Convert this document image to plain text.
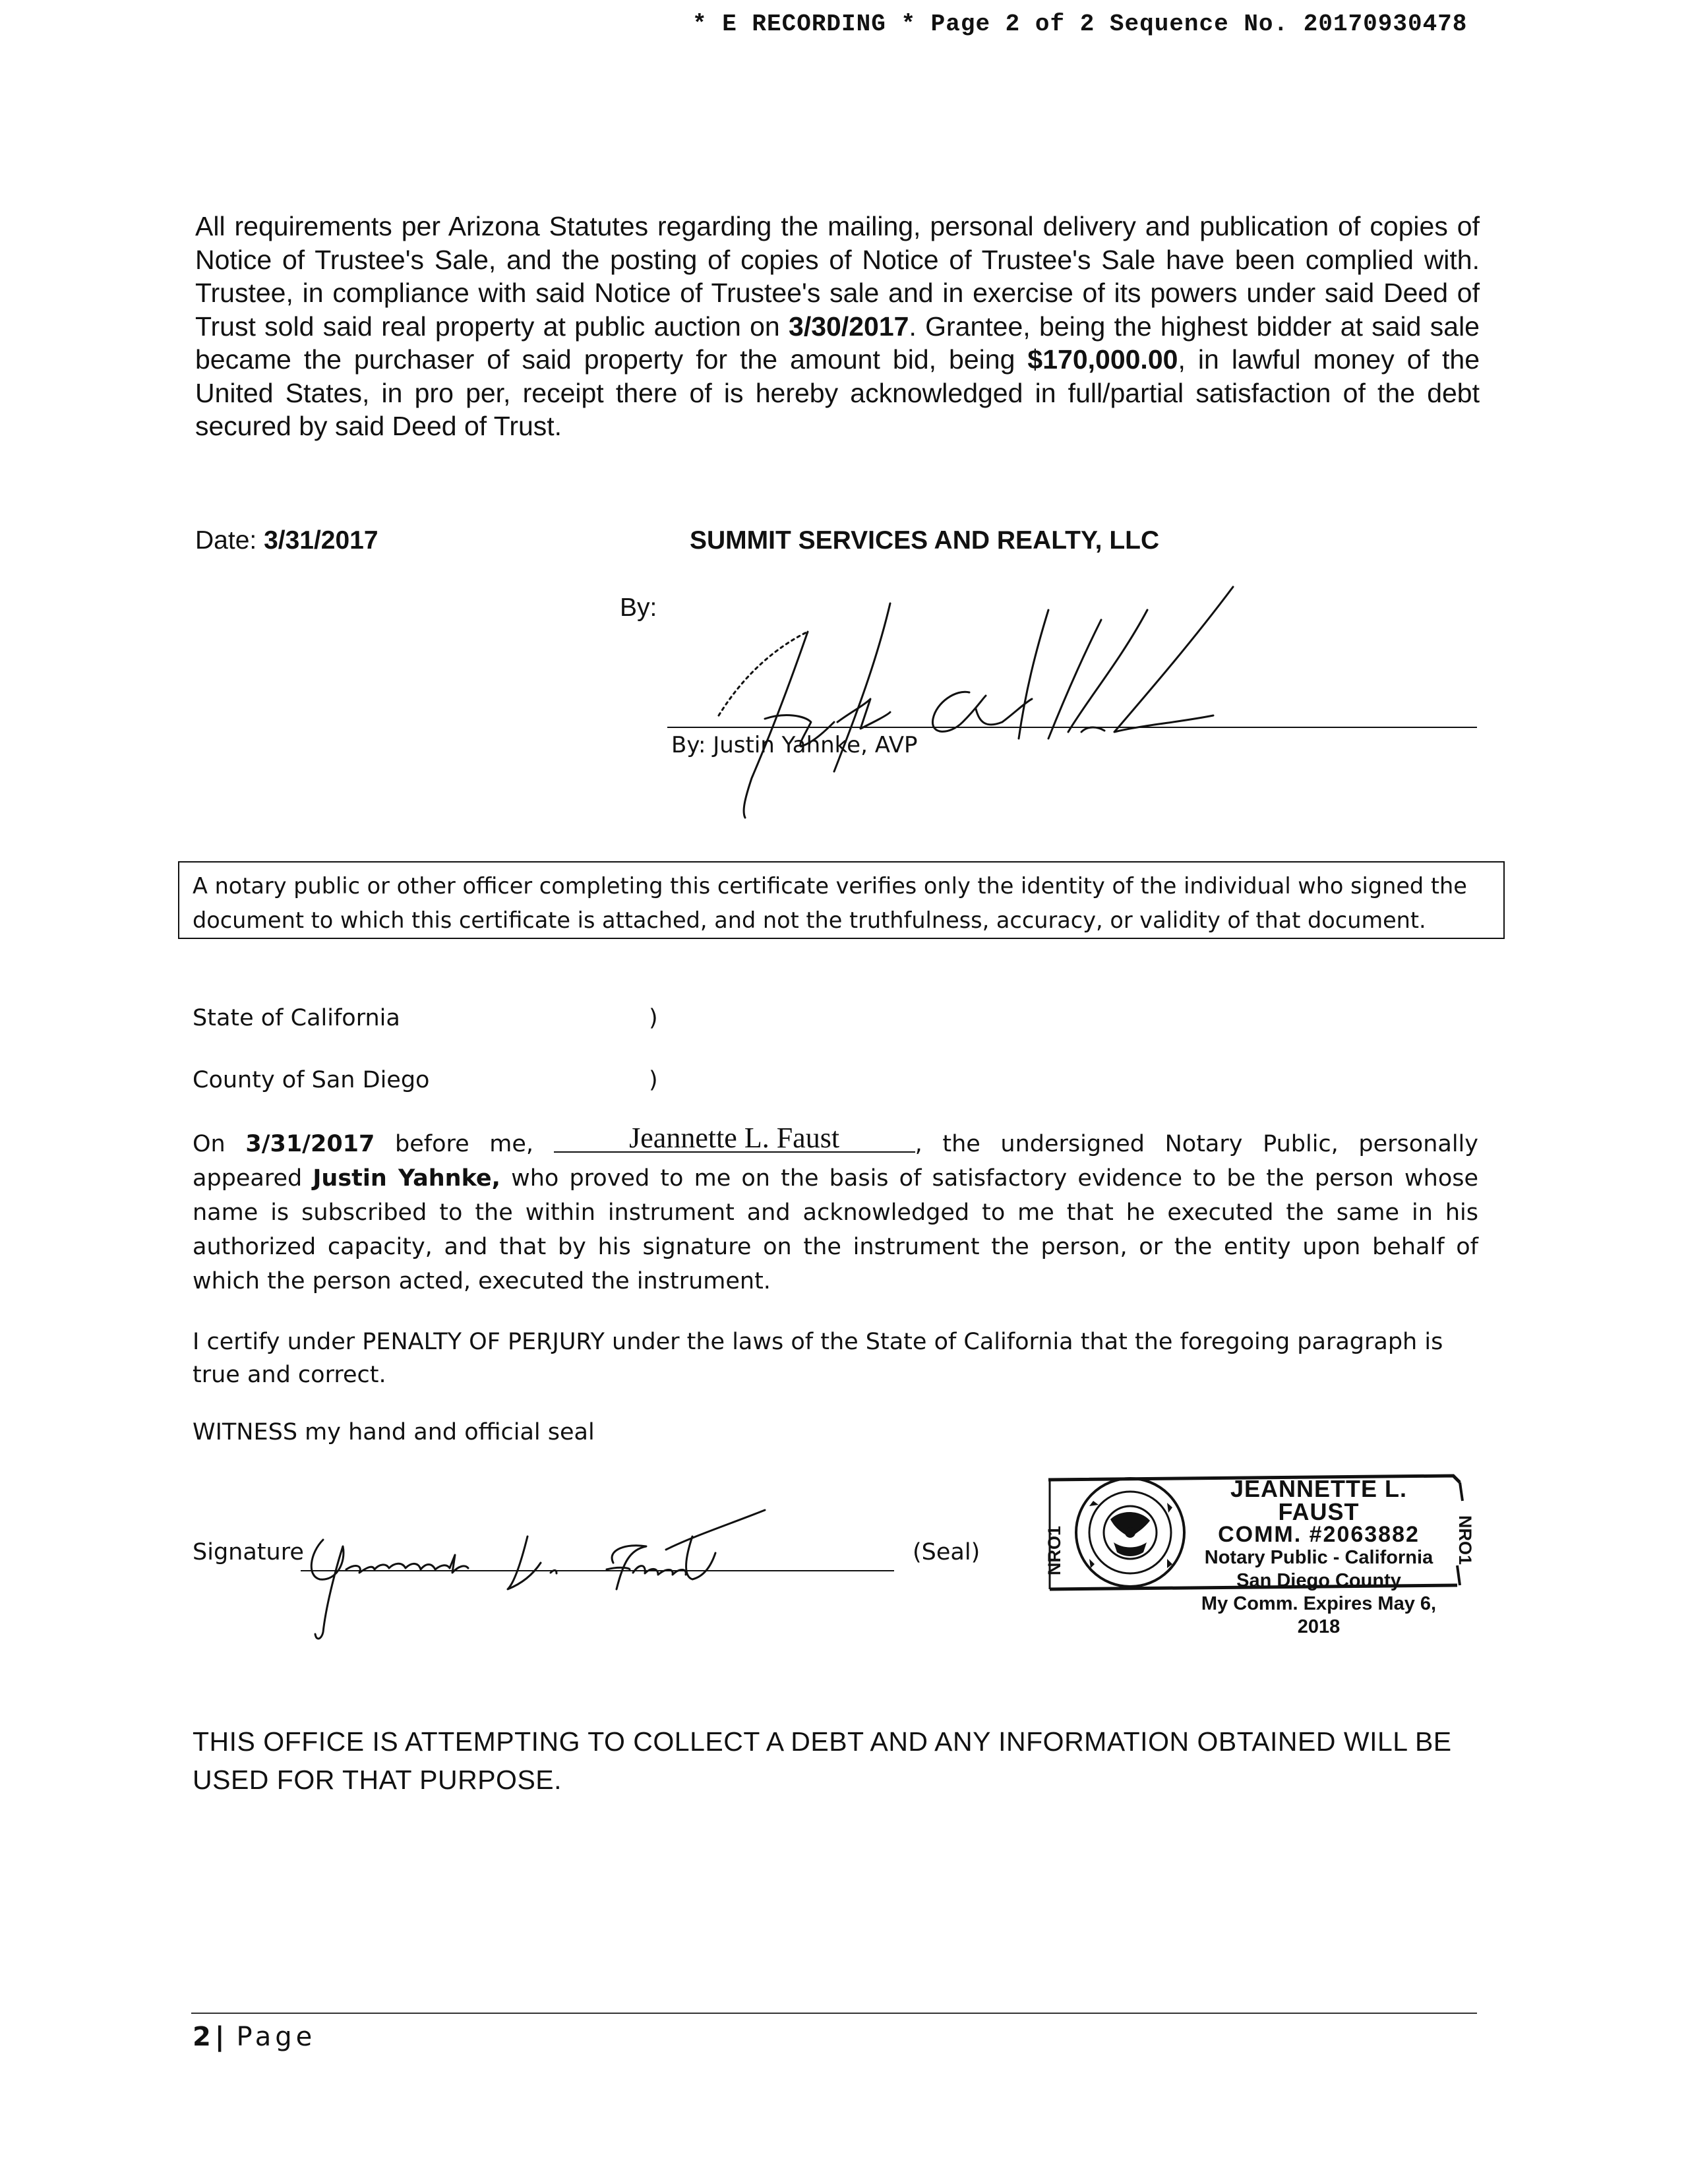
* E RECORDING * Page 2 of 2 Sequence No. 20170930478
All requirements per Arizona Statutes regarding the mailing, personal delivery and publication of copies of Notice of Trustee's Sale, and the posting of copies of Notice of Trustee's Sale have been complied with. Trustee, in compliance with said Notice of Trustee's sale and in exercise of its powers under said Deed of Trust sold said real property at public auction on 3/30/2017. Grantee, being the highest bidder at said sale became the purchaser of said property for the amount bid, being $170,000.00, in lawful money of the United States, in pro per, receipt there of is hereby acknowledged in full/partial satisfaction of the debt secured by said Deed of Trust.
Date: 3/31/2017	SUMMIT SERVICES AND REALTY, LLC
By:
By: Justin Yahnke, AVP
A notary public or other officer completing this certificate verifies only the identity of the individual who signed the document to which this certificate is attached, and not the truthfulness, accuracy, or validity of that document.
State of California	)
County of San Diego	)
On 3/31/2017 before me,	Jeannette L. Faust	, the undersigned Notary Public, personally appeared Justin Yahnke, who proved to me on the basis of satisfactory evidence to be the person whose name is subscribed to the within instrument and acknowledged to me that he executed the same in his authorized capacity, and that by his signature on the instrument the person, or the entity upon behalf of which the person acted, executed the instrument.
I certify under PENALTY OF PERJURY under the laws of the State of California that the foregoing paragraph is true and correct.
WITNESS my hand and official seal
Signature	(Seal)
JEANNETTE L. FAUST
COMM. #2063882
Notary Public - California
San Diego County
My Comm. Expires May 6, 2018
NRO1	NRO1
THIS OFFICE IS ATTEMPTING TO COLLECT A DEBT AND ANY INFORMATION OBTAINED WILL BE USED FOR THAT PURPOSE.
2 | Page
